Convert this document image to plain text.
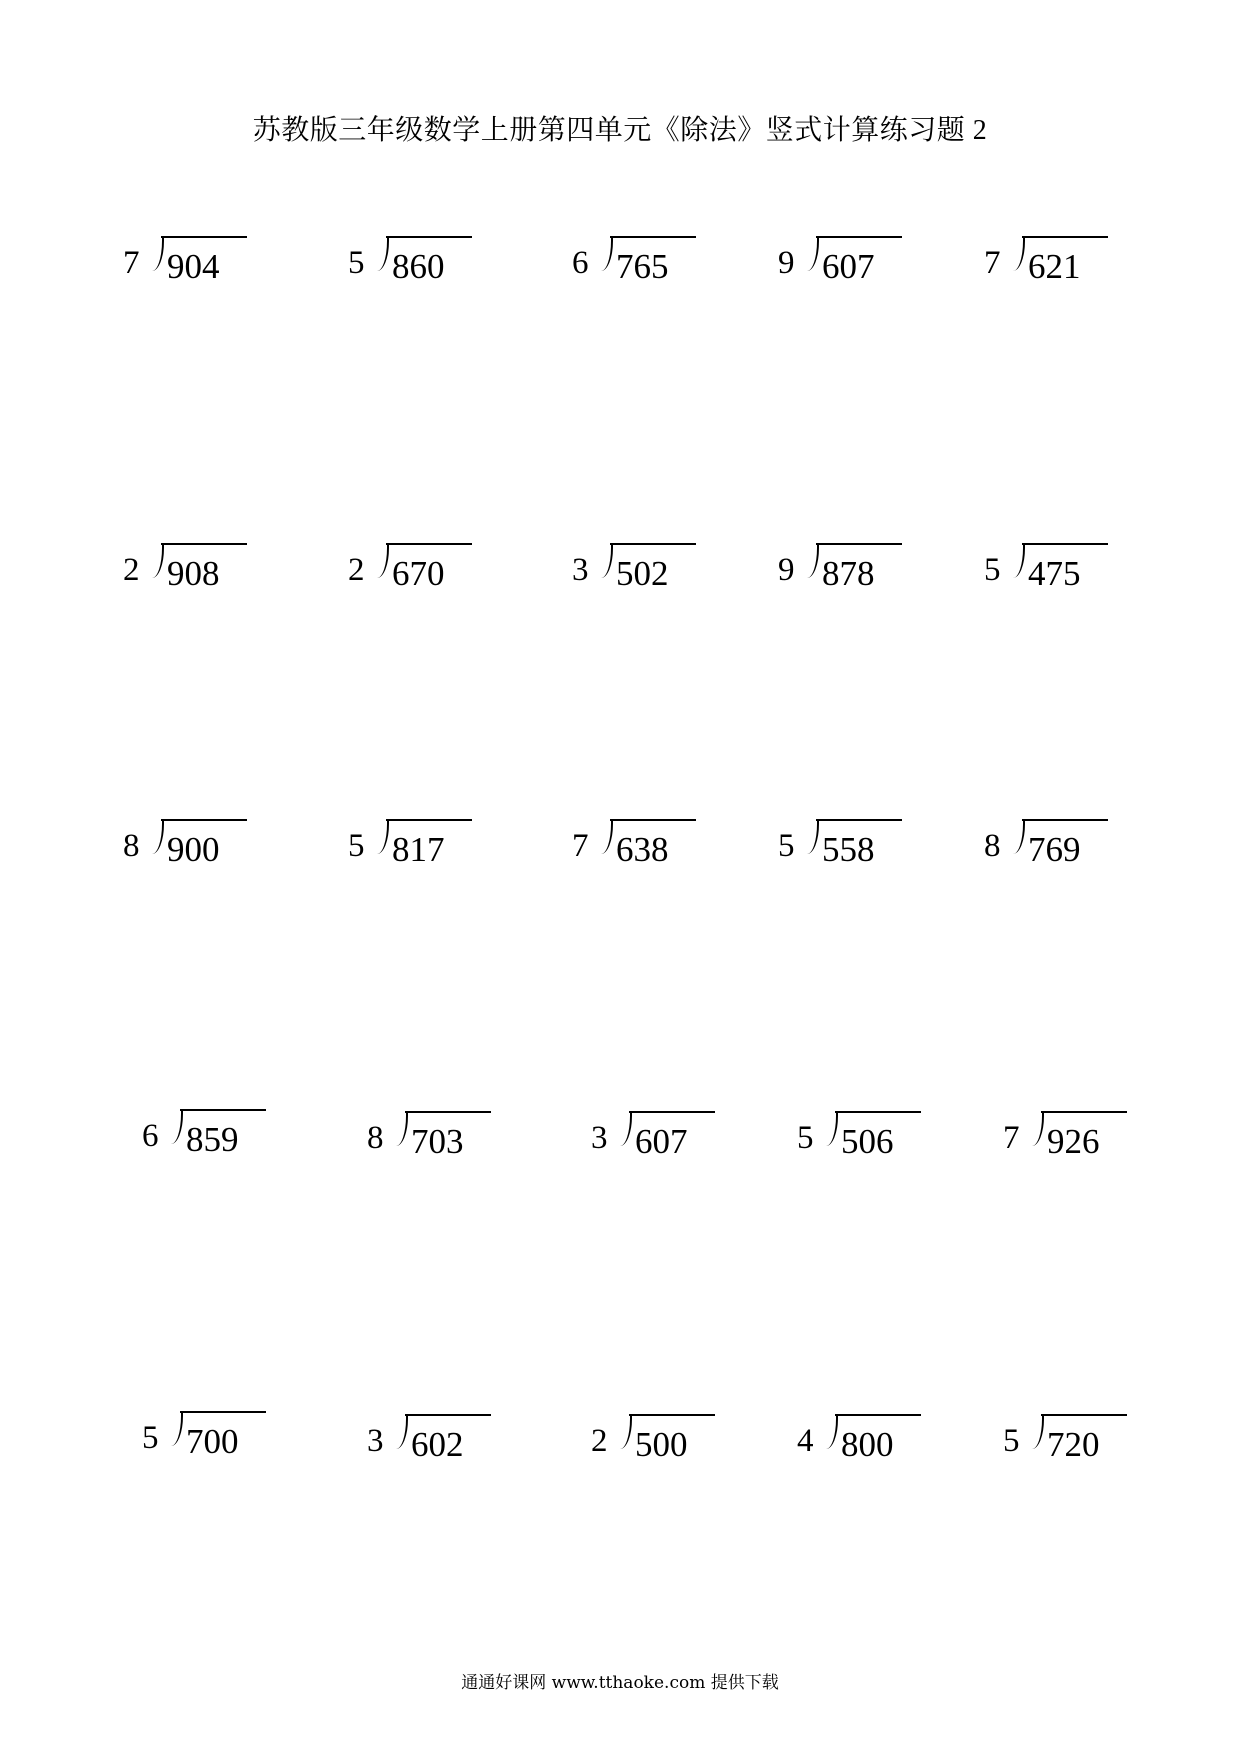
苏教版三年级数学上册第四单元《除法》竖式计算练习题 2
7 904	5 860	6 765	9 607	7 621
2 908	2 670	3 502	9 878	5 475
8 900	5 817	7 638	5 558	8 769
6 859	8 703	3 607	5 506	7 926
5 700	3 602	2 500	4 800	5 720
通通好课网 www.tthaoke.com 提供下载
